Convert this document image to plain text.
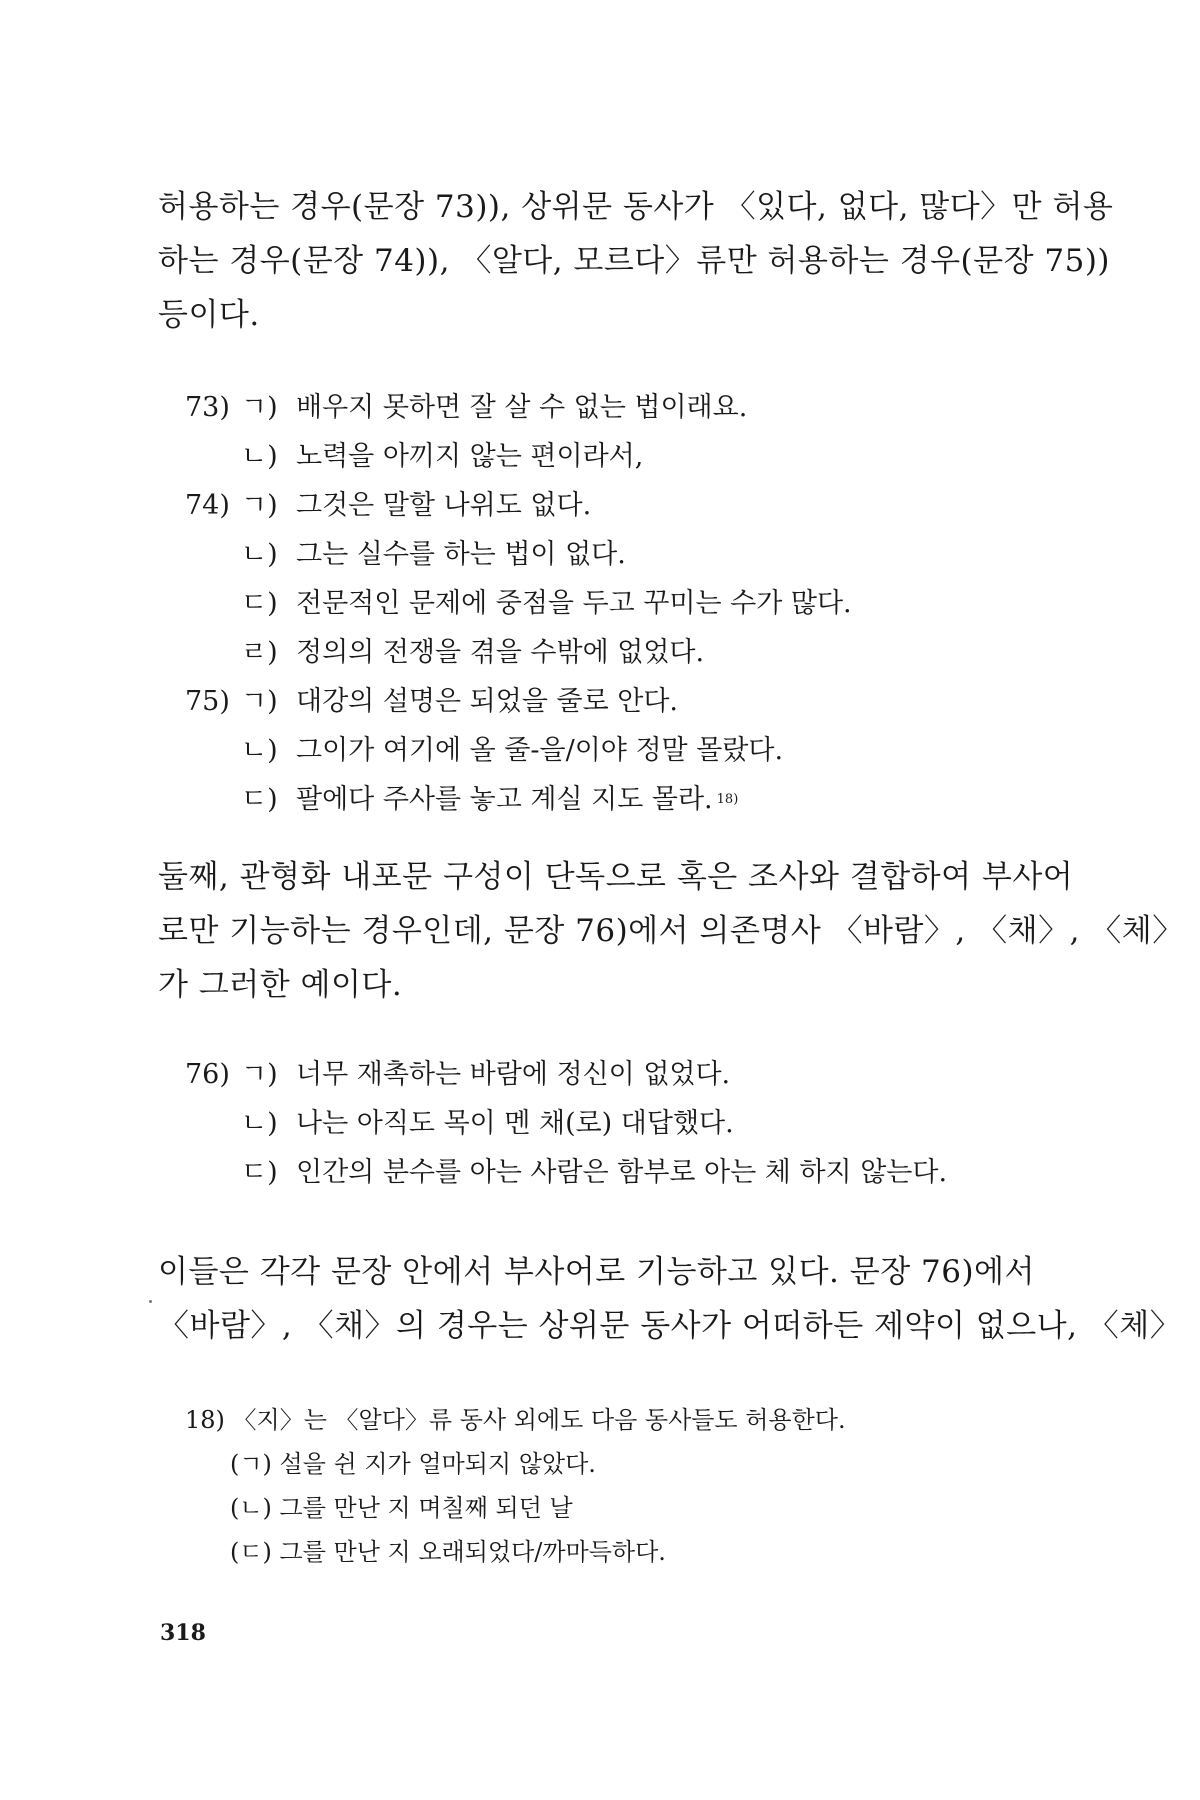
허용하는 경우(문장 73)), 상위문 동사가 〈있다, 없다, 많다〉만 허용
하는 경우(문장 74)), 〈알다, 모르다〉류만 허용하는 경우(문장 75))
등이다.

73) ㄱ) 배우지 못하면 잘 살 수 없는 법이래요.
ㄴ) 노력을 아끼지 않는 편이라서,
74) ㄱ) 그것은 말할 나위도 없다.
ㄴ) 그는 실수를 하는 법이 없다.
ㄷ) 전문적인 문제에 중점을 두고 꾸미는 수가 많다.
ㄹ) 정의의 전쟁을 겪을 수밖에 없었다.
75) ㄱ) 대강의 설명은 되었을 줄로 안다.
ㄴ) 그이가 여기에 올 줄-을/이야 정말 몰랐다.
ㄷ) 팔에다 주사를 놓고 계실 지도 몰라. 18)

둘째, 관형화 내포문 구성이 단독으로 혹은 조사와 결합하여 부사어
로만 기능하는 경우인데, 문장 76)에서 의존명사 〈바람〉, 〈채〉, 〈체〉
가 그러한 예이다.

76) ㄱ) 너무 재촉하는 바람에 정신이 없었다.
ㄴ) 나는 아직도 목이 멘 채(로) 대답했다.
ㄷ) 인간의 분수를 아는 사람은 함부로 아는 체 하지 않는다.

이들은 각각 문장 안에서 부사어로 기능하고 있다. 문장 76)에서
〈바람〉, 〈채〉의 경우는 상위문 동사가 어떠하든 제약이 없으나, 〈체〉

18) 〈지〉는 〈알다〉류 동사 외에도 다음 동사들도 허용한다.
(ㄱ) 설을 쉰 지가 얼마되지 않았다.
(ㄴ) 그를 만난 지 며칠째 되던 날
(ㄷ) 그를 만난 지 오래되었다/까마득하다.
318
